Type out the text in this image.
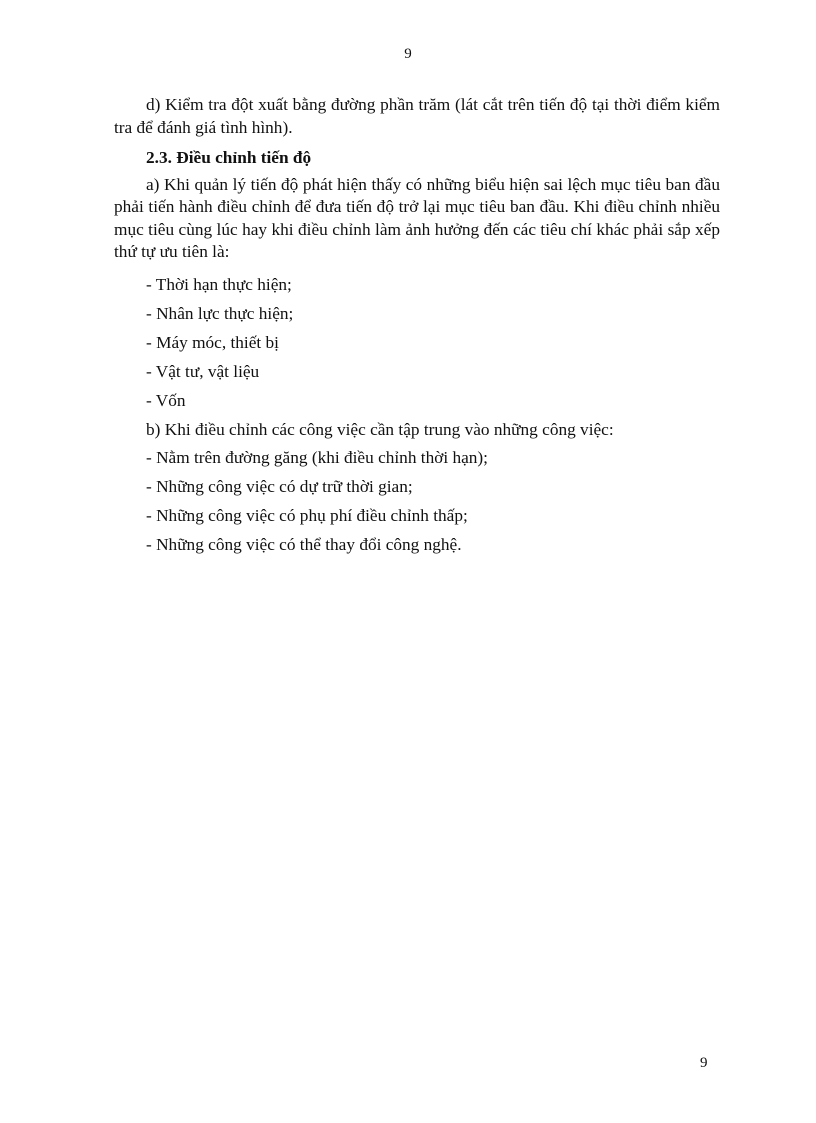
9

d) Kiểm tra đột xuất bằng đường phần trăm (lát cắt trên tiến độ tại thời điểm kiểm tra để đánh giá tình hình).

2.3. Điều chỉnh tiến độ

a) Khi quản lý tiến độ phát hiện thấy có những biểu hiện sai lệch mục tiêu ban đầu phải tiến hành điều chỉnh để đưa tiến độ trở lại mục tiêu ban đầu. Khi điều chỉnh nhiều mục tiêu cùng lúc hay khi điều chỉnh làm ảnh hưởng đến các tiêu chí khác phải sắp xếp thứ tự ưu tiên là:

- Thời hạn thực hiện;
- Nhân lực thực hiện;
- Máy móc, thiết bị
- Vật tư, vật liệu
- Vốn
b) Khi điều chỉnh các công việc cần tập trung vào những công việc:
- Nằm trên đường găng (khi điều chỉnh thời hạn);
- Những công việc có dự trữ thời gian;
- Những công việc có phụ phí điều chỉnh thấp;
- Những công việc có thể thay đổi công nghệ.
9
